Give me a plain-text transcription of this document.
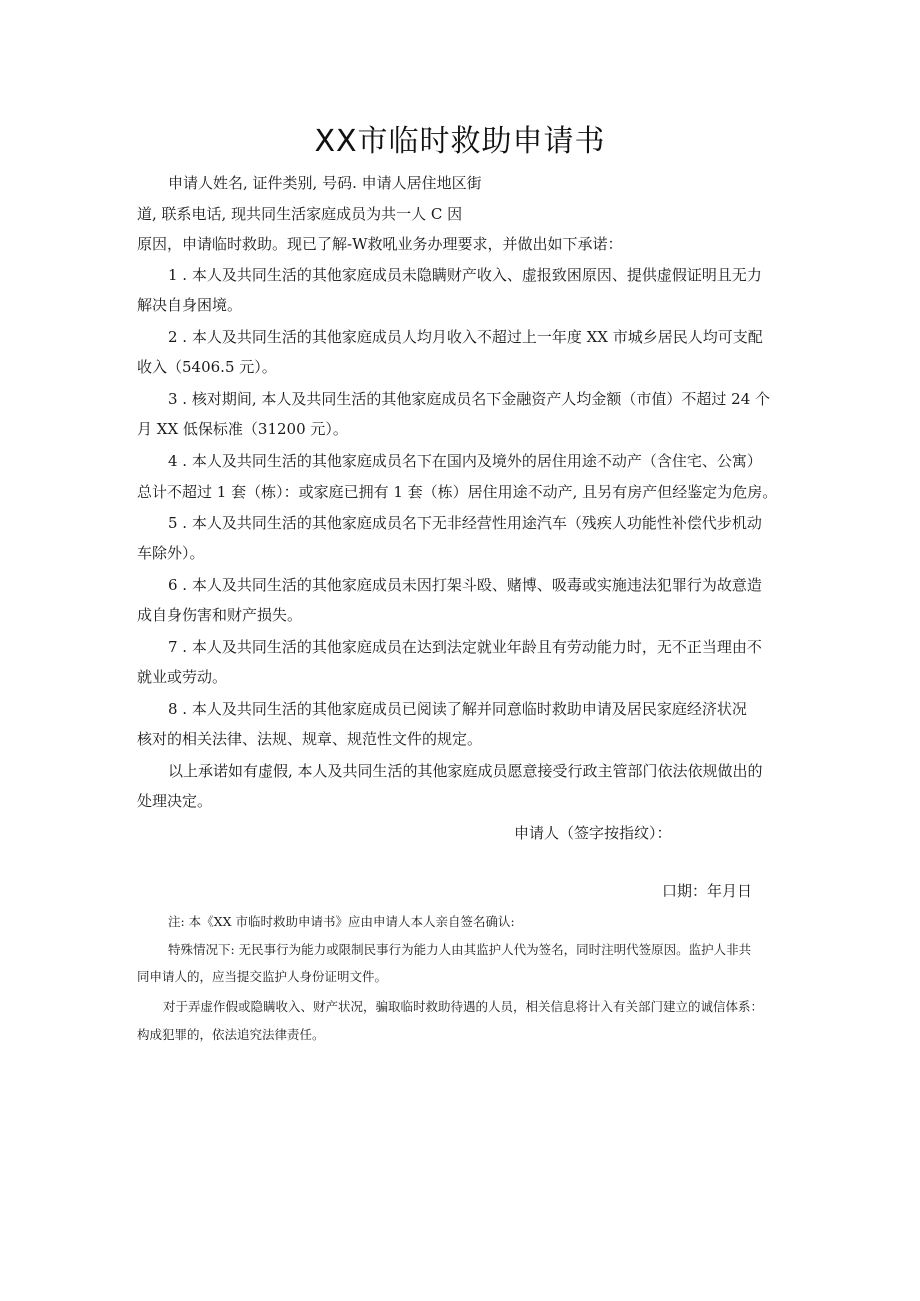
XX市临时救助申请书
申请人姓名, 证件类别, 号码. 申请人居住地区街
道, 联系电话, 现共同生活家庭成员为共一人 C 因
原因，申请临时救助。现已了解-W救吼业务办理要求，并做出如下承诺：
1 . 本人及共同生活的其他家庭成员未隐瞒财产收入、虚报致困原因、提供虚假证明且无力
解决自身困境。
2 . 本人及共同生活的其他家庭成员人均月收入不超过上一年度 XX 市城乡居民人均可支配
收入（5406.5 元）。
3 . 核对期间, 本人及共同生活的其他家庭成员名下金融资产人均金额（市值）不超过 24 个
月 XX 低保标准（31200 元）。
4 . 本人及共同生活的其他家庭成员名下在国内及境外的居住用途不动产（含住宅、公寓）
总计不超过 1 套（栋）：或家庭已拥有 1 套（栋）居住用途不动产, 且另有房产但经鉴定为危房。
5 . 本人及共同生活的其他家庭成员名下无非经营性用途汽车（残疾人功能性补偿代步机动
车除外）。
6 . 本人及共同生活的其他家庭成员未因打架斗殴、赌博、吸毒或实施违法犯罪行为故意造
成自身伤害和财产损失。
7 . 本人及共同生活的其他家庭成员在达到法定就业年龄且有劳动能力时，无不正当理由不
就业或劳动。
8 . 本人及共同生活的其他家庭成员已阅读了解并同意临时救助申请及居民家庭经济状况
核对的相关法律、法规、规章、规范性文件的规定。
以上承诺如有虚假, 本人及共同生活的其他家庭成员愿意接受行政主管部门依法依规做出的
处理决定。
申请人（签字按指纹）：
口期：年月日
注: 本《XX 市临时救助申请书》应由申请人本人亲自签名确认:
特殊情况下: 无民事行为能力或限制民事行为能力人由其监护人代为签名，同时注明代签原因。监护人非共
同申请人的，应当提交监护人身份证明文件。
对于弄虚作假或隐瞒收入、财产状况，骗取临时救助待遇的人员，相关信息将计入有关部门建立的诚信体系：
构成犯罪的，依法追究法律责任。
